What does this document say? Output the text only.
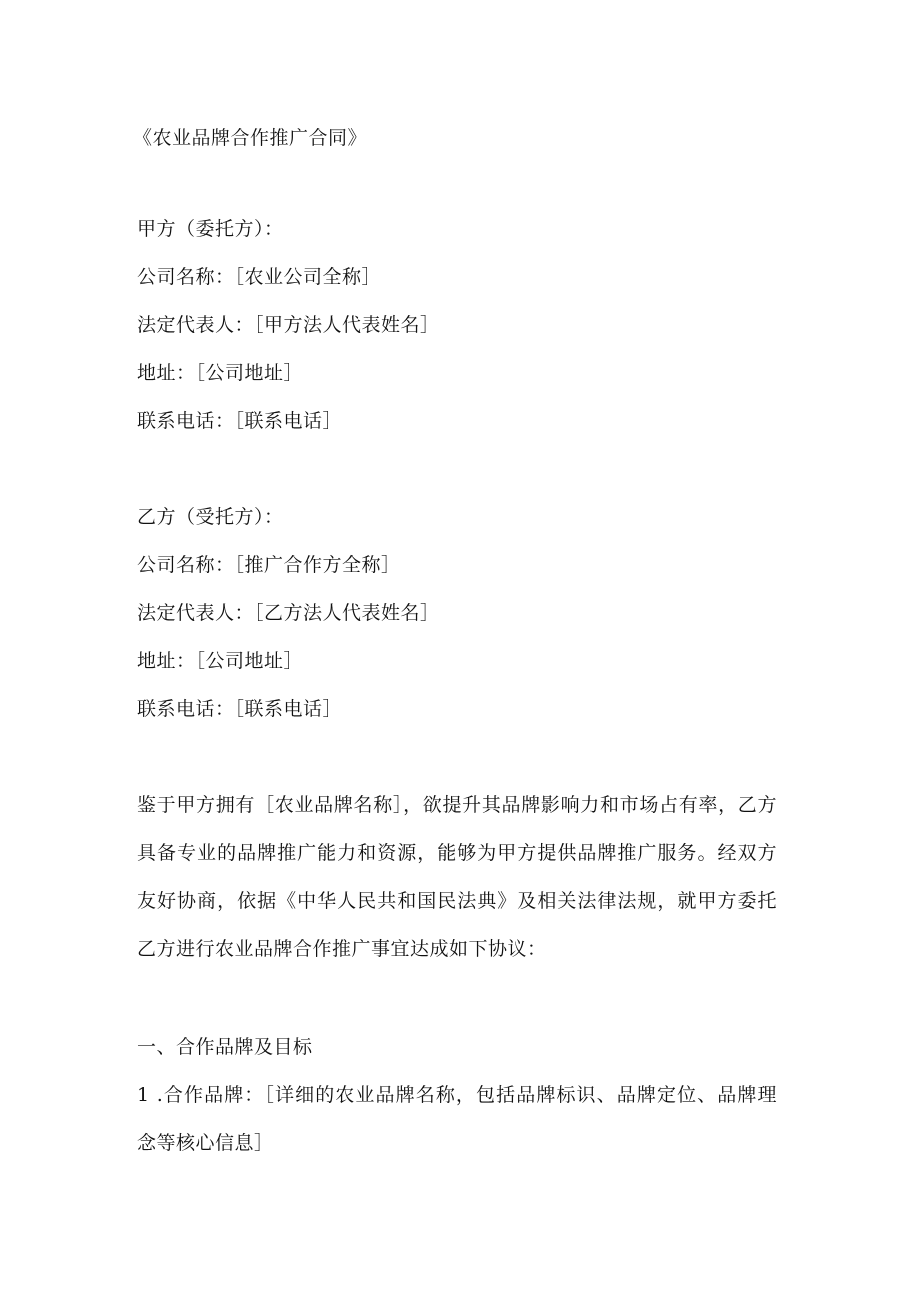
《农业品牌合作推广合同》

甲方（委托方）：

公司名称：［农业公司全称］

法定代表人：［甲方法人代表姓名］

地址：［公司地址］

联系电话：［联系电话］

乙方（受托方）：

公司名称：［推广合作方全称］

法定代表人：［乙方法人代表姓名］

地址：［公司地址］

联系电话：［联系电话］

鉴于甲方拥有［农业品牌名称］，欲提升其品牌影响力和市场占有率，乙方具备专业的品牌推广能力和资源，能够为甲方提供品牌推广服务。经双方友好协商，依据《中华人民共和国民法典》及相关法律法规，就甲方委托乙方进行农业品牌合作推广事宜达成如下协议：

一、合作品牌及目标

1 .合作品牌：［详细的农业品牌名称，包括品牌标识、品牌定位、品牌理念等核心信息］
